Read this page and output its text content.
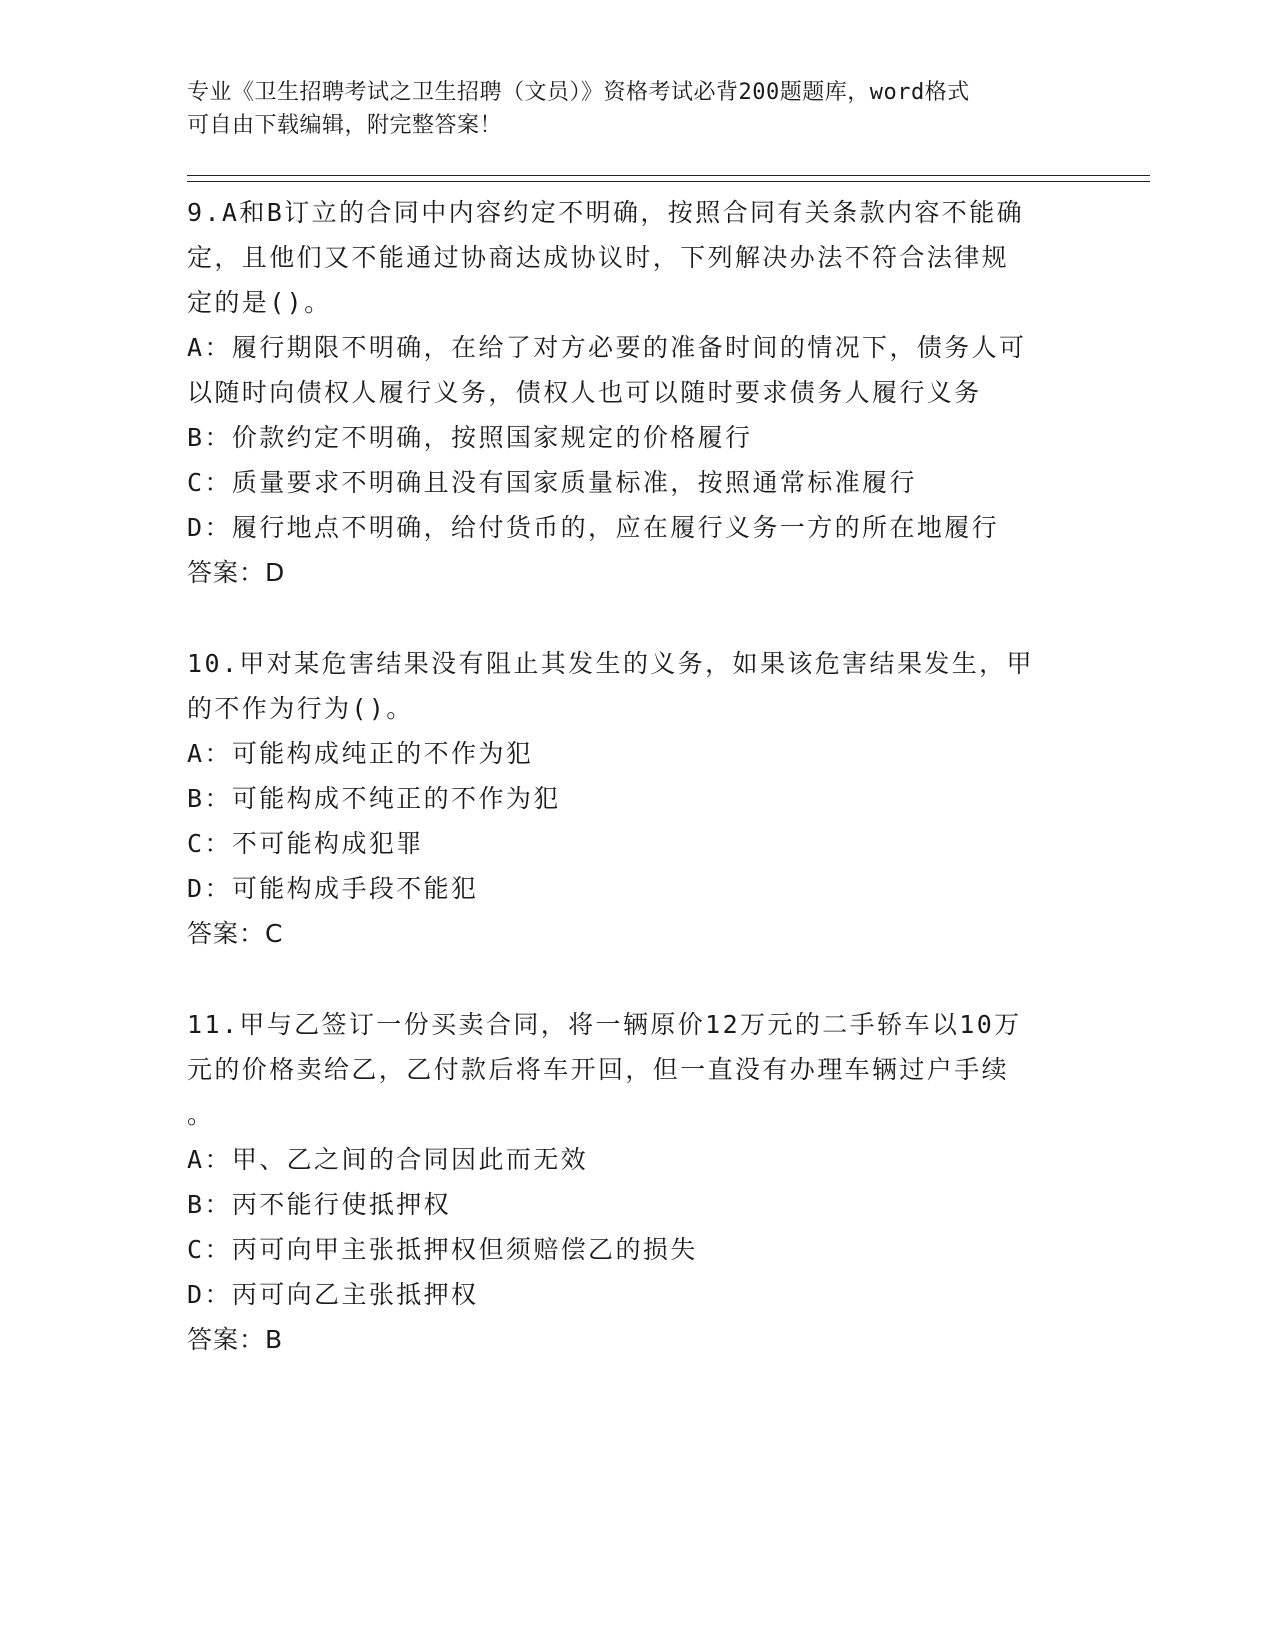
专业《卫生招聘考试之卫生招聘（文员）》资格考试必背200题题库，word格式
可自由下载编辑，附完整答案！

9.A和B订立的合同中内容约定不明确，按照合同有关条款内容不能确

定，且他们又不能通过协商达成协议时，下列解决办法不符合法律规

定的是()。

A：履行期限不明确，在给了对方必要的准备时间的情况下，债务人可

以随时向债权人履行义务，债权人也可以随时要求债务人履行义务

B：价款约定不明确，按照国家规定的价格履行

C：质量要求不明确且没有国家质量标准，按照通常标准履行

D：履行地点不明确，给付货币的，应在履行义务一方的所在地履行

答案：D

10.甲对某危害结果没有阻止其发生的义务，如果该危害结果发生，甲

的不作为行为()。

A：可能构成纯正的不作为犯

B：可能构成不纯正的不作为犯

C：不可能构成犯罪

D：可能构成手段不能犯

答案：C

11.甲与乙签订一份买卖合同，将一辆原价12万元的二手轿车以10万

元的价格卖给乙，乙付款后将车开回，但一直没有办理车辆过户手续

。

A：甲、乙之间的合同因此而无效

B：丙不能行使抵押权

C：丙可向甲主张抵押权但须赔偿乙的损失

D：丙可向乙主张抵押权

答案：B
